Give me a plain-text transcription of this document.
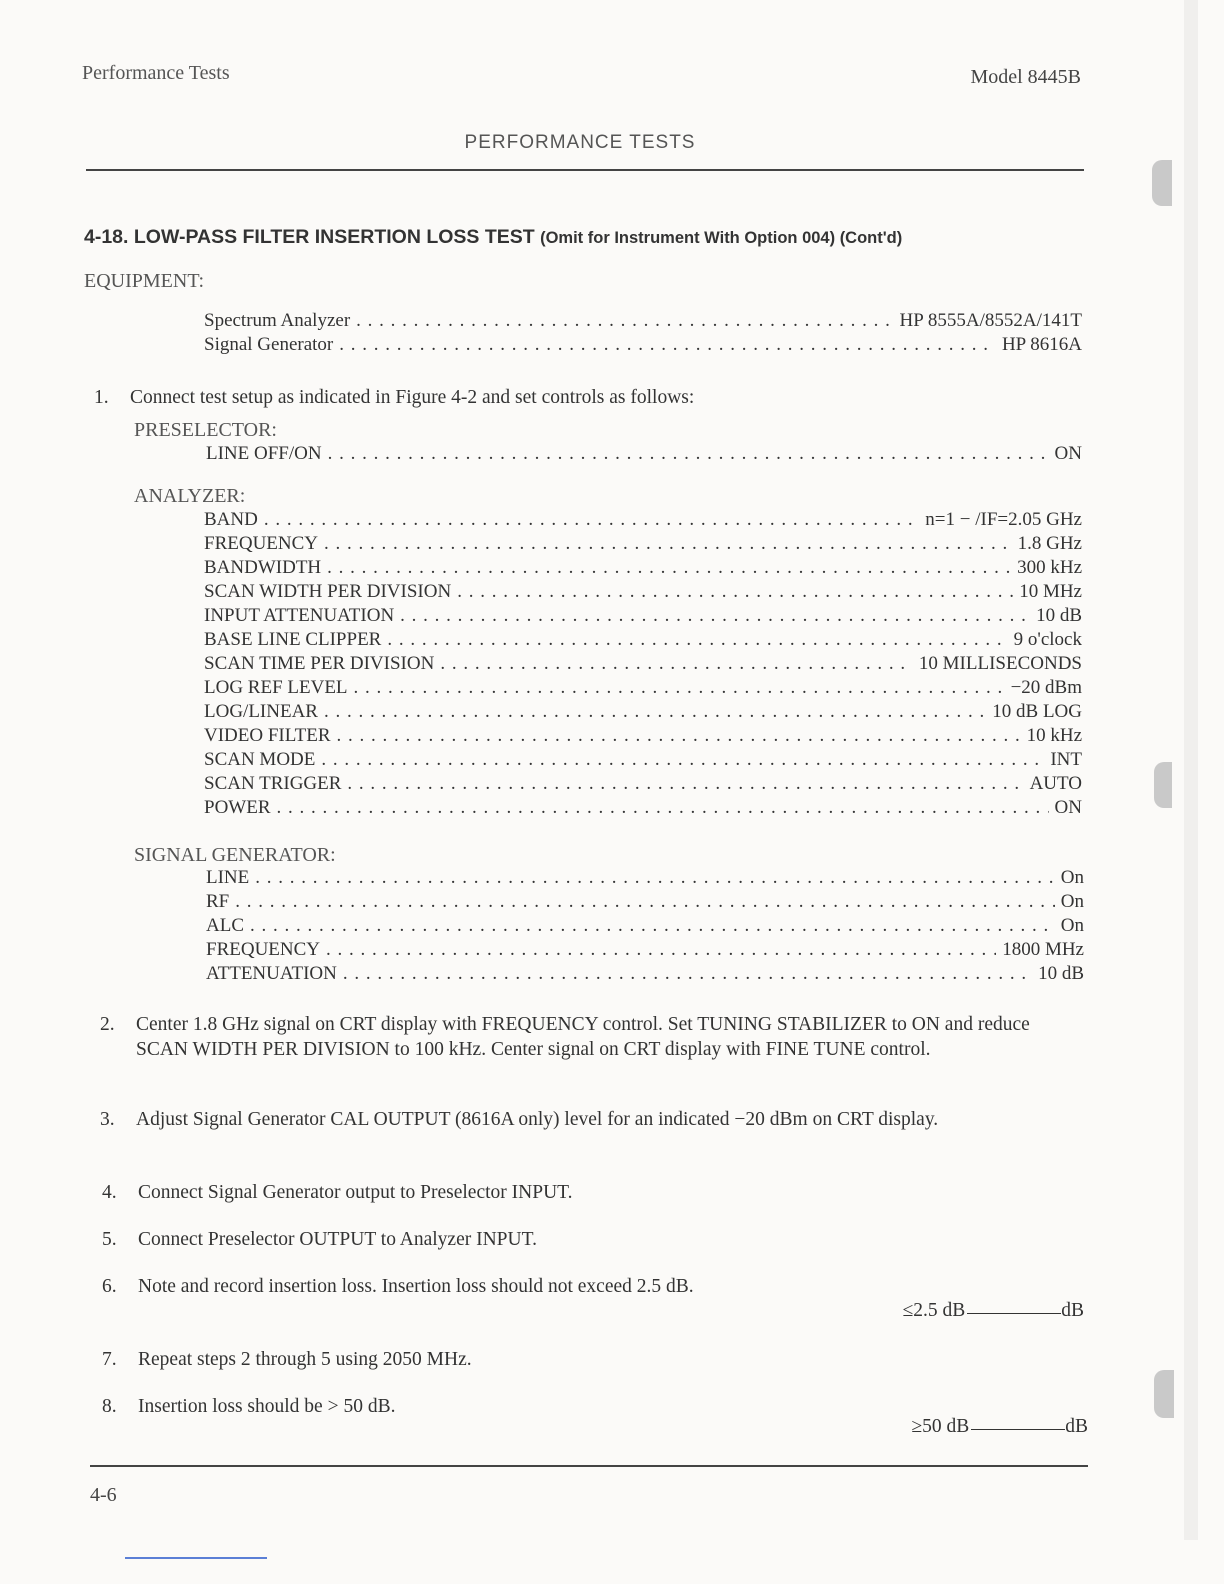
Performance Tests	Model 8445B
PERFORMANCE TESTS
4-18. LOW-PASS FILTER INSERTION LOSS TEST (Omit for Instrument With Option 004) (Cont'd)
EQUIPMENT:
Spectrum Analyzer . . .	HP 8555A/8552A/141T
Signal Generator . . .	HP 8616A
1. Connect test setup as indicated in Figure 4-2 and set controls as follows:
PRESELECTOR:
LINE OFF/ON . . .	ON
ANALYZER:
BAND . . .	n=1 − /IF=2.05 GHz
FREQUENCY . . .	1.8 GHz
BANDWIDTH . . .	300 kHz
SCAN WIDTH PER DIVISION . . .	10 MHz
INPUT ATTENUATION . . .	10 dB
BASE LINE CLIPPER . . .	9 o'clock
SCAN TIME PER DIVISION . . .	10 MILLISECONDS
LOG REF LEVEL . . .	−20 dBm
LOG/LINEAR . . .	10 dB LOG
VIDEO FILTER . . .	10 kHz
SCAN MODE . . .	INT
SCAN TRIGGER . . .	AUTO
POWER . . .	ON
SIGNAL GENERATOR:
LINE . . .	On
RF . . .	On
ALC . . .	On
FREQUENCY . . .	1800 MHz
ATTENUATION . . .	10 dB
2. Center 1.8 GHz signal on CRT display with FREQUENCY control. Set TUNING STABILIZER to ON and reduce SCAN WIDTH PER DIVISION to 100 kHz. Center signal on CRT display with FINE TUNE control.
3. Adjust Signal Generator CAL OUTPUT (8616A only) level for an indicated −20 dBm on CRT display.
4. Connect Signal Generator output to Preselector INPUT.
5. Connect Preselector OUTPUT to Analyzer INPUT.
6. Note and record insertion loss. Insertion loss should not exceed 2.5 dB.
≤2.5 dB	dB
7. Repeat steps 2 through 5 using 2050 MHz.
8. Insertion loss should be > 50 dB.
≥50 dB	dB
4-6
